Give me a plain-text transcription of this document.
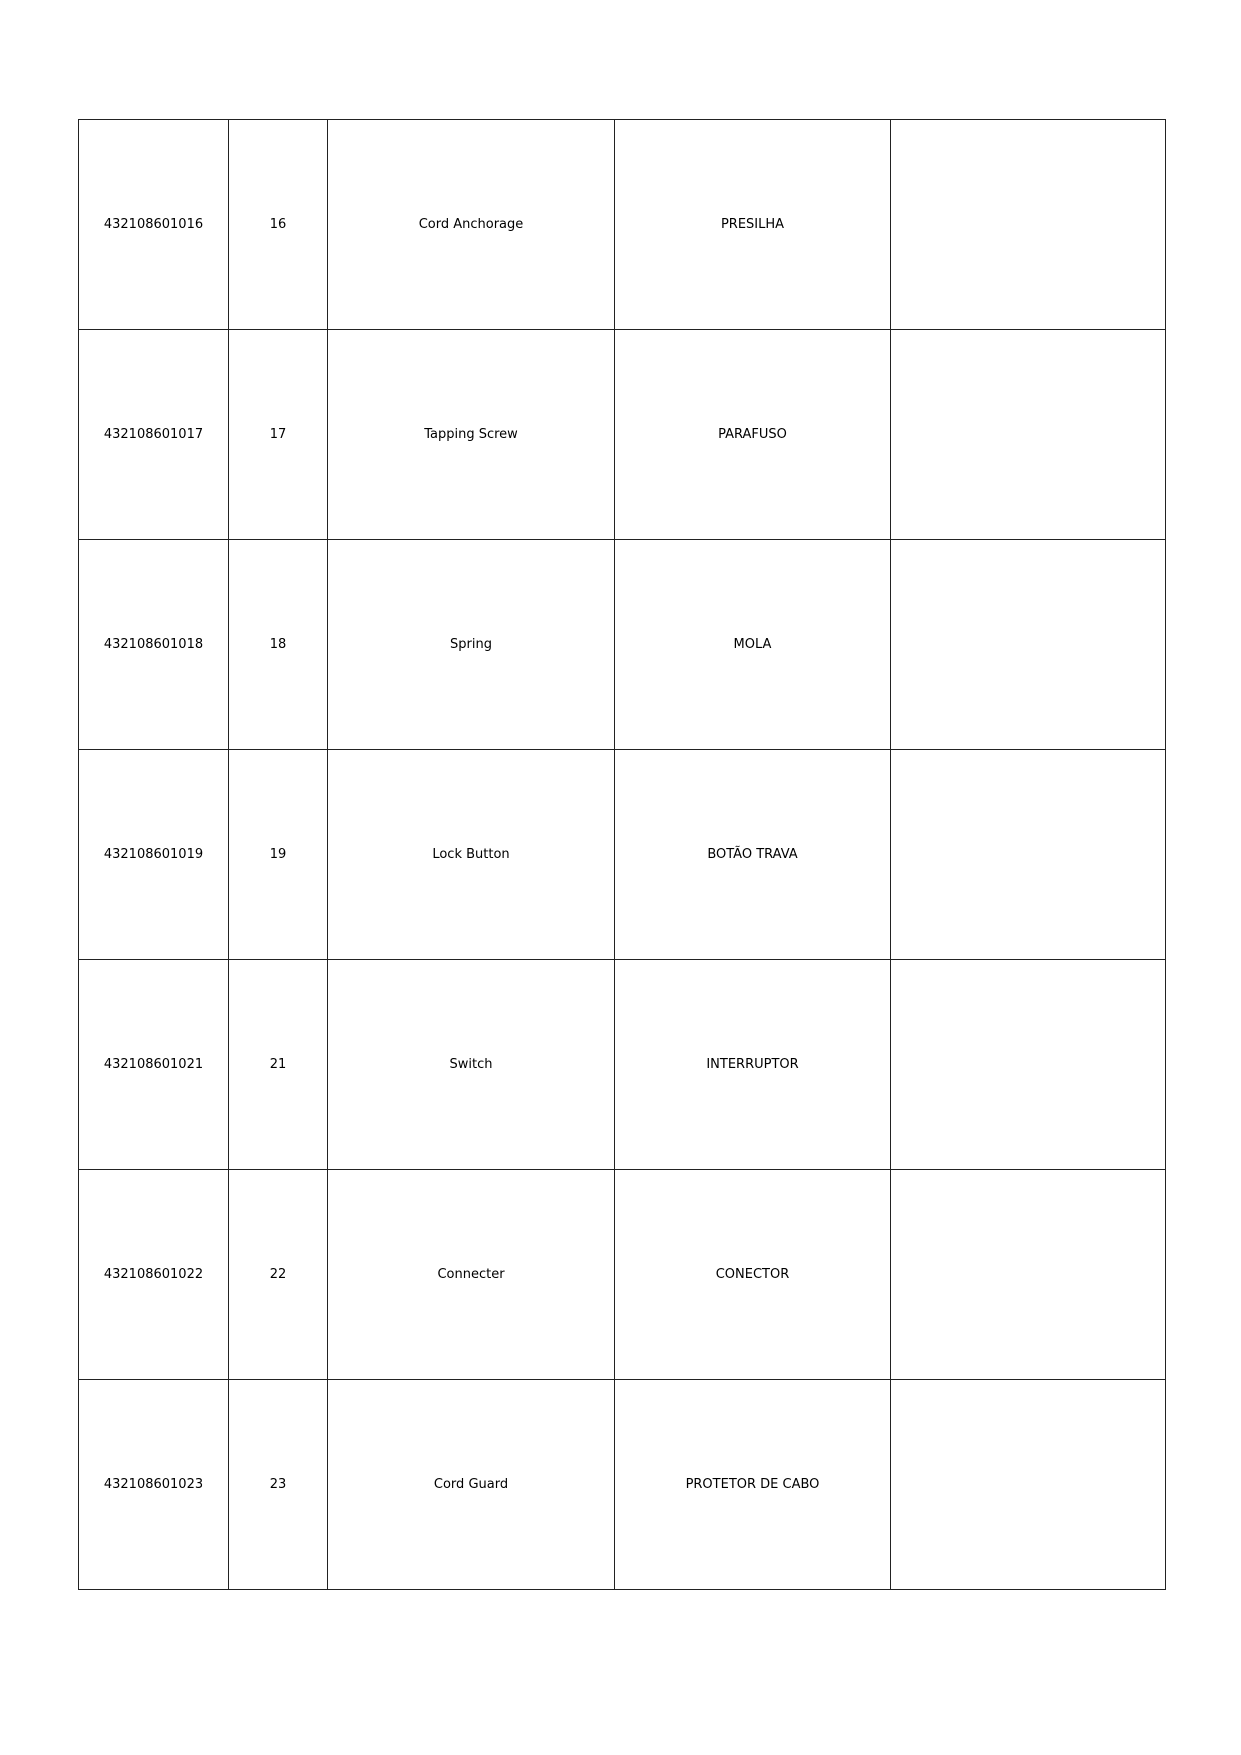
432108601016	16	Cord Anchorage	PRESILHA	
432108601017	17	Tapping Screw	PARAFUSO	
432108601018	18	Spring	MOLA	
432108601019	19	Lock Button	BOTÃO TRAVA	
432108601021	21	Switch	INTERRUPTOR	
432108601022	22	Connecter	CONECTOR	
432108601023	23	Cord Guard	PROTETOR DE CABO	
